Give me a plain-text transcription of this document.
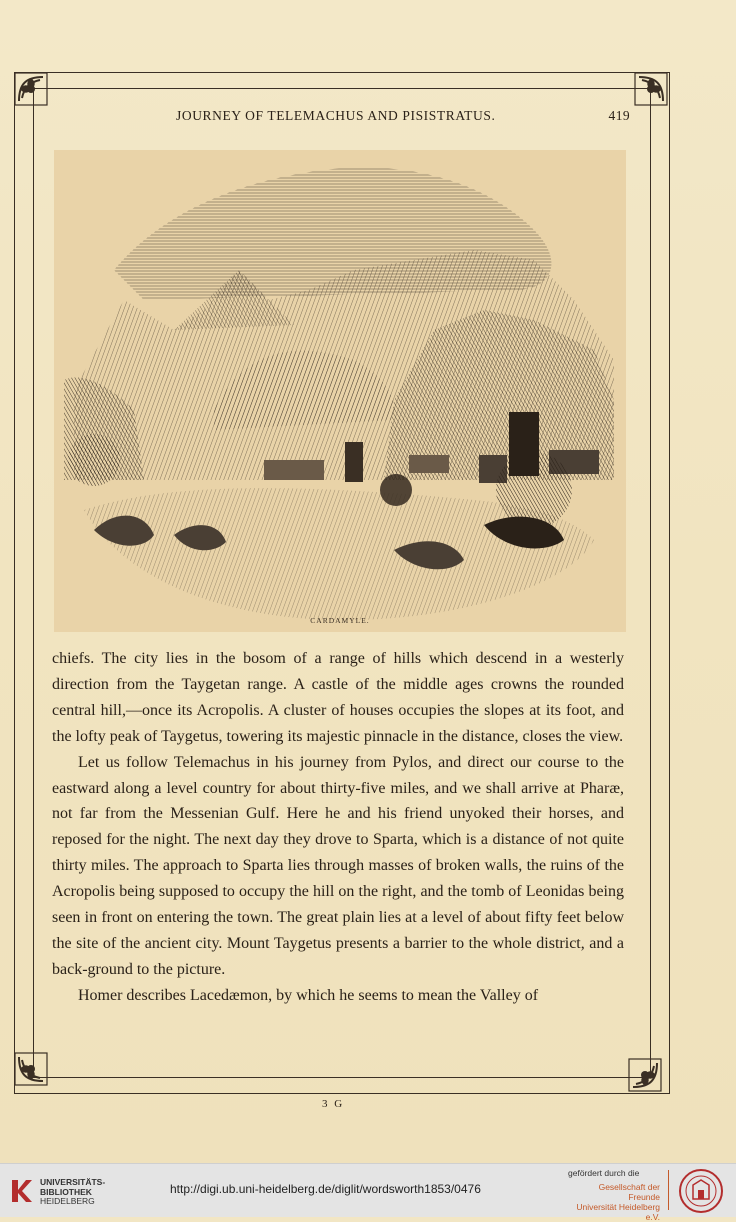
JOURNEY OF TELEMACHUS AND PISISTRATUS.	419
CARDAMYLE.

chiefs. The city lies in the bosom of a range of hills which descend in a westerly direction from the Taygetan range. A castle of the middle ages crowns the rounded central hill,—once its Acropolis. A cluster of houses occupies the slopes at its foot, and the lofty peak of Taygetus, towering its majestic pinnacle in the distance, closes the view.

Let us follow Telemachus in his journey from Pylos, and direct our course to the eastward along a level country for about thirty-five miles, and we shall arrive at Pharæ, not far from the Messenian Gulf. Here he and his friend unyoked their horses, and reposed for the night. The next day they drove to Sparta, which is a distance of not quite thirty miles. The approach to Sparta lies through masses of broken walls, the ruins of the Acropolis being supposed to occupy the hill on the right, and the tomb of Leonidas being seen in front on entering the town. The great plain lies at a level of about fifty feet below the site of the ancient city. Mount Taygetus presents a barrier to the whole district, and a back-ground to the picture.

Homer describes Lacedæmon, by which he seems to mean the Valley of

3 G
UNIVERSITÄTS-
BIBLIOTHEK
HEIDELBERG
http://digi.ub.uni-heidelberg.de/diglit/wordsworth1853/0476
gefördert durch die
Gesellschaft der Freunde
Universität Heidelberg e.V.
